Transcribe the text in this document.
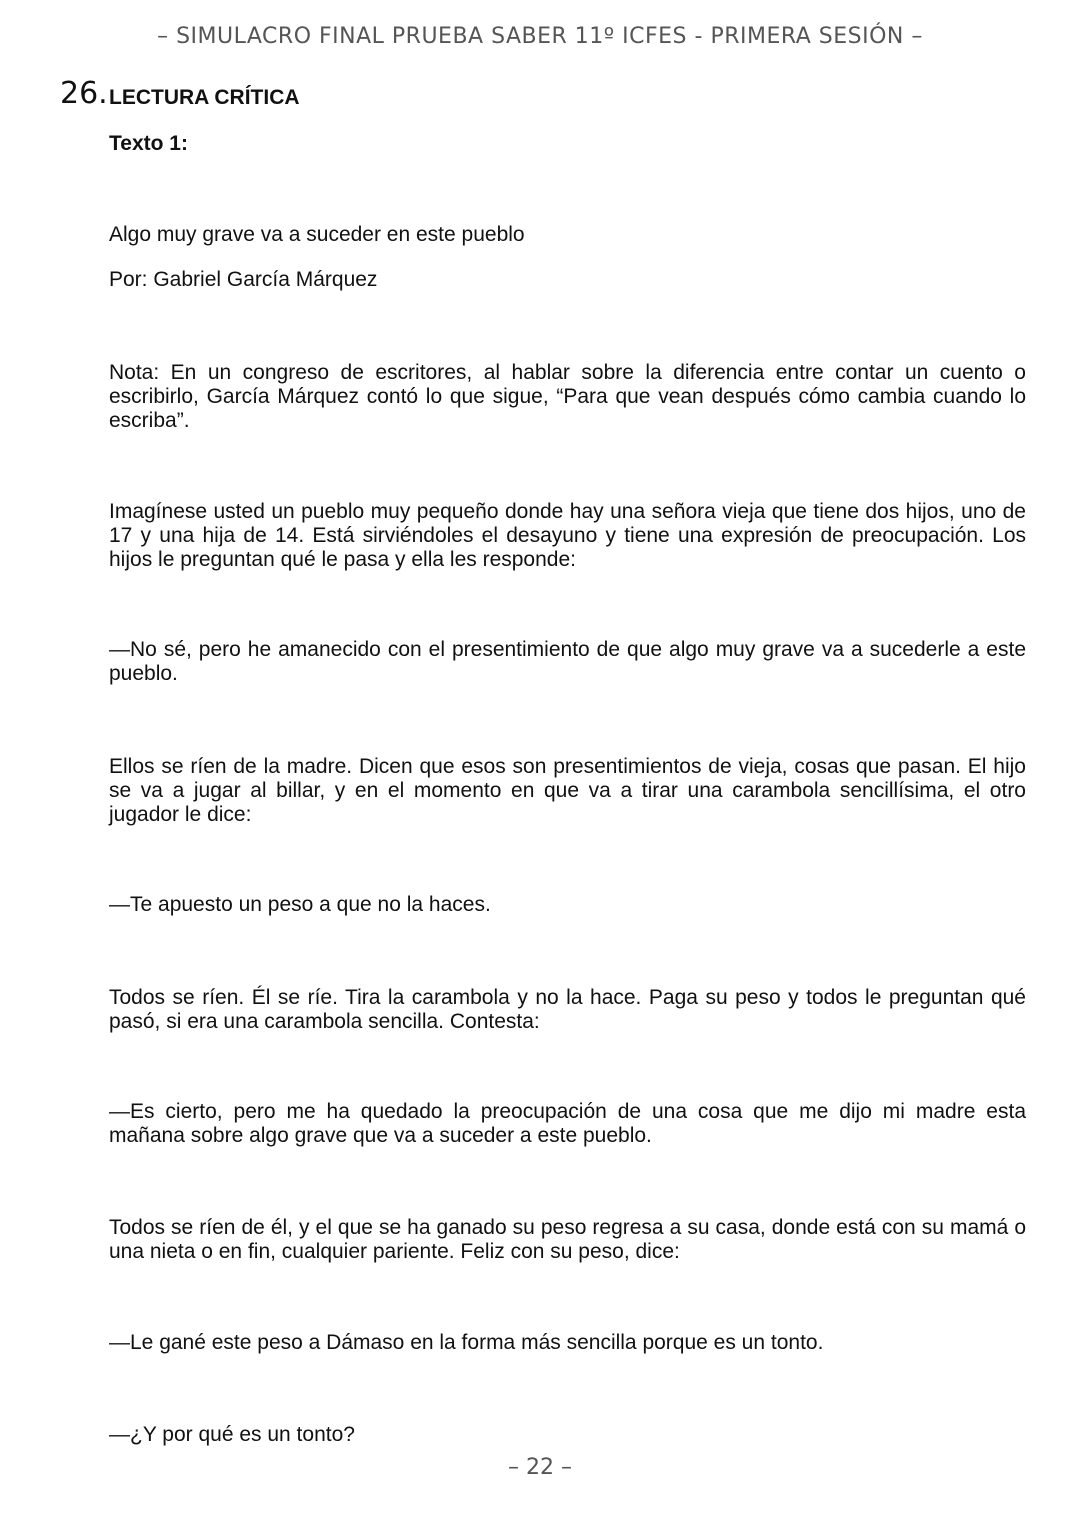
– SIMULACRO FINAL PRUEBA SABER 11º ICFES - PRIMERA SESIÓN –
26. LECTURA CRÍTICA
Texto 1:

Algo muy grave va a suceder en este pueblo

Por: Gabriel García Márquez

Nota: En un congreso de escritores, al hablar sobre la diferencia entre contar un cuento o escribirlo, García Márquez contó lo que sigue, “Para que vean después cómo cambia cuando lo escriba”.

Imagínese usted un pueblo muy pequeño donde hay una señora vieja que tiene dos hijos, uno de 17 y una hija de 14. Está sirviéndoles el desayuno y tiene una expresión de preocupación. Los hijos le preguntan qué le pasa y ella les responde:

—No sé, pero he amanecido con el presentimiento de que algo muy grave va a sucederle a este pueblo.

Ellos se ríen de la madre. Dicen que esos son presentimientos de vieja, cosas que pasan. El hijo se va a jugar al billar, y en el momento en que va a tirar una carambola sencillísima, el otro jugador le dice:

—Te apuesto un peso a que no la haces.

Todos se ríen. Él se ríe. Tira la carambola y no la hace. Paga su peso y todos le preguntan qué pasó, si era una carambola sencilla. Contesta:

—Es cierto, pero me ha quedado la preocupación de una cosa que me dijo mi madre esta mañana sobre algo grave que va a suceder a este pueblo.

Todos se ríen de él, y el que se ha ganado su peso regresa a su casa, donde está con su mamá o una nieta o en fin, cualquier pariente. Feliz con su peso, dice:

—Le gané este peso a Dámaso en la forma más sencilla porque es un tonto.

—¿Y por qué es un tonto?

– 22 –
